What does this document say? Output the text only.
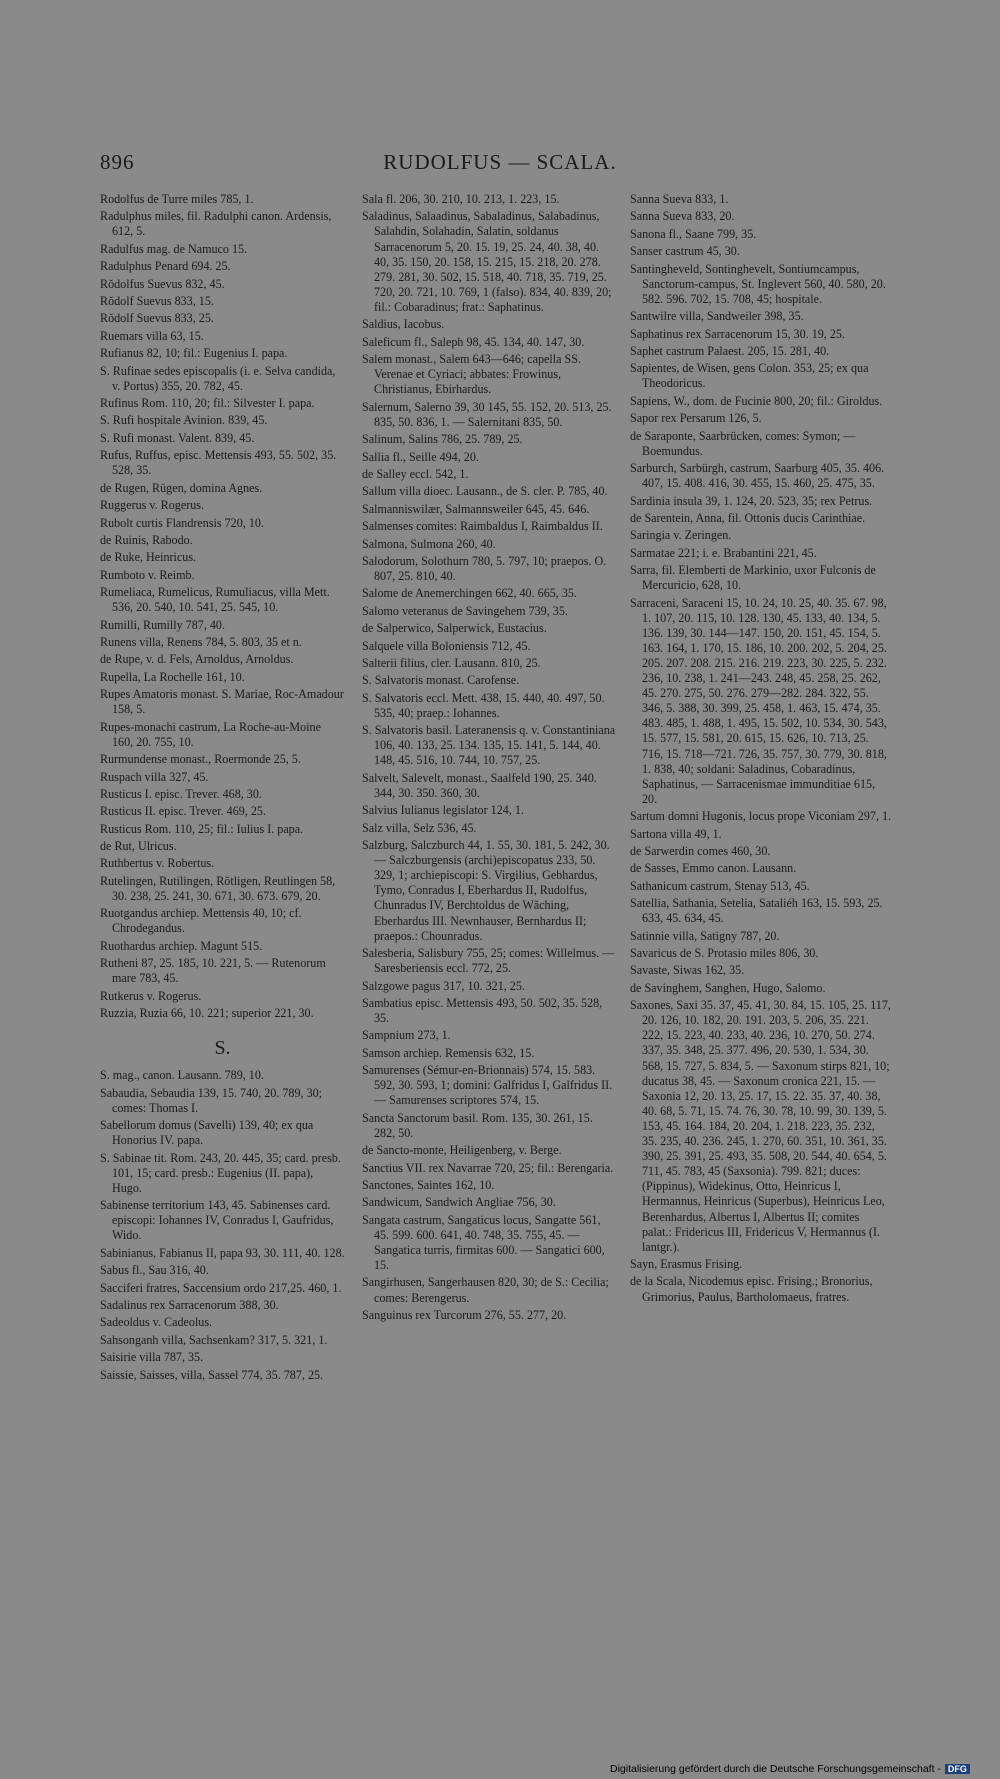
896	RUDOLFUS — SCALA.
Rodolfus de Turre miles 785, 1.
Radulphus miles, fil. Radulphi canon. Ardensis, 612, 5.
Radulfus mag. de Namuco 15.
Radulphus Penard 694. 25.
Rŏdolfus Suevus 832, 45.
Rŏdolf Suevus 833, 15.
Rŏdolf Suevus 833, 25.
Ruemars villa 63, 15.
Rufianus 82, 10; fil.: Eugenius I. papa.
S. Rufinae sedes episcopalis (i. e. Selva candida, v. Portus) 355, 20. 782, 45.
Rufinus Rom. 110, 20; fil.: Silvester I. papa.
S. Rufi hospitale Avinion. 839, 45.
S. Rufi monast. Valent. 839, 45.
Rufus, Ruffus, episc. Mettensis 493, 55. 502, 35. 528, 35.
de Rugen, Rügen, domina Agnes.
Ruggerus v. Rogerus.
Rubolt curtis Flandrensis 720, 10.
de Ruinis, Rabodo.
de Ruke, Heinricus.
Rumboto v. Reimb.
Rumeliaca, Rumelicus, Rumuliacus, villa Mett. 536, 20. 540, 10. 541, 25. 545, 10.
Rumilli, Rumilly 787, 40.
Runens villa, Renens 784, 5. 803, 35 et n.
de Rupe, v. d. Fels, Arnoldus, Arnoldus.
Rupella, La Rochelle 161, 10.
Rupes Amatoris monast. S. Mariae, Roc-Amadour 158, 5.
Rupes-monachi castrum, La Roche-au-Moine 160, 20. 755, 10.
Rurmundense monast., Roermonde 25, 5.
Ruspach villa 327, 45.
Rusticus I. episc. Trever. 468, 30.
Rusticus II. episc. Trever. 469, 25.
Rusticus Rom. 110, 25; fil.: Iulius I. papa.
de Rut, Ulricus.
Ruthbertus v. Robertus.
Rutelingen, Rutilingen, Rŏtligen, Reutlingen 58, 30. 238, 25. 241, 30. 671, 30. 673. 679, 20.
Ruotgandus archiep. Mettensis 40, 10; cf. Chrodegandus.
Ruothardus archiep. Magunt 515.
Rutheni 87, 25. 185, 10. 221, 5. — Rutenorum mare 783, 45.
Rutkerus v. Rogerus.
Ruzzia, Ruzia 66, 10. 221; superior 221, 30.
S.
S. mag., canon. Lausann. 789, 10.
Sabaudia, Sebaudia 139, 15. 740, 20. 789, 30; comes: Thomas I.
Sabellorum domus (Savelli) 139, 40; ex qua Honorius IV. papa.
S. Sabinae tit. Rom. 243, 20. 445, 35; card. presb. 101, 15; card. presb.: Eugenius (II. papa), Hugo.
Sabinense territorium 143, 45. Sabinenses card. episcopi: Iohannes IV, Conradus I, Gaufridus, Wido.
Sabinianus, Fabianus II, papa 93, 30. 111, 40. 128.
Sabus fl., Sau 316, 40.
Sacciferi fratres, Saccensium ordo 217,25. 460, 1.
Sadalinus rex Sarracenorum 388, 30.
Sadeoldus v. Cadeolus.
Sahsonganh villa, Sachsenkam? 317, 5. 321, 1.
Saisirie villa 787, 35.
Saissie, Saisses, villa, Sassel 774, 35. 787, 25.
Sala fl. 206, 30. 210, 10. 213, 1. 223, 15.
Saladinus, Salaadinus, Sabaladinus, Salabadinus, Salahdin, Solahadin, Salatin, soldanus Sarracenorum 5, 20. 15. 19, 25. 24, 40. 38, 40. 40, 35. 150, 20. 158, 15. 215, 15. 218, 20. 278. 279. 281, 30. 502, 15. 518, 40. 718, 35. 719, 25. 720, 20. 721, 10. 769, 1 (falso). 834, 40. 839, 20; fil.: Cobaradinus; frat.: Saphatinus.
Saldius, Iacobus.
Saleficum fl., Saleph 98, 45. 134, 40. 147, 30.
Salem monast., Salem 643—646; capella SS. Verenae et Cyriaci; abbates: Frowinus, Christianus, Ebirhardus.
Salernum, Salerno 39, 30 145, 55. 152, 20. 513, 25. 835, 50. 836, 1. — Salernitani 835, 50.
Salinum, Salins 786, 25. 789, 25.
Sallia fl., Seille 494, 20.
de Salley eccl. 542, 1.
Sallum villa dioec. Lausann., de S. cler. P. 785, 40.
Salmanniswilær, Salmannsweiler 645, 45. 646.
Salmenses comites: Raimbaldus I, Raimbaldus II.
Salmona, Sulmona 260, 40.
Salodorum, Solothurn 780, 5. 797, 10; praepos. O. 807, 25. 810, 40.
Salome de Anemerchingen 662, 40. 665, 35.
Salomo veteranus de Savingehem 739, 35.
de Salperwico, Salperwick, Eustacius.
Salquele villa Boloniensis 712, 45.
Salterii filius, cler. Lausann. 810, 25.
S. Salvatoris monast. Carofense.
S. Salvatoris eccl. Mett. 438, 15. 440, 40. 497, 50. 535, 40; praep.: Iohannes.
S. Salvatoris basil. Lateranensis q. v. Constantiniana 106, 40. 133, 25. 134. 135, 15. 141, 5. 144, 40. 148, 45. 516, 10. 744, 10. 757, 25.
Salvelt, Salevelt, monast., Saalfeld 190, 25. 340. 344, 30. 350. 360, 30.
Salvius Iulianus legislator 124, 1.
Salz villa, Selz 536, 45.
Salzburg, Salczburch 44, 1. 55, 30. 181, 5. 242, 30. — Salczburgensis (archi)episcopatus 233, 50. 329, 1; archiepiscopi: S. Virgilius, Gebhardus, Tymo, Conradus I, Eberhardus II, Rudolfus, Chunradus IV, Berchtoldus de Wăching, Eberhardus III. Newnhauser, Bernhardus II; praepos.: Chounradus.
Salesberia, Salisbury 755, 25; comes: Willelmus. — Saresberiensis eccl. 772, 25.
Salzgowe pagus 317, 10. 321, 25.
Sambatius episc. Mettensis 493, 50. 502, 35. 528, 35.
Sampnium 273, 1.
Samson archiep. Remensis 632, 15.
Samurenses (Sémur-en-Brionnais) 574, 15. 583. 592, 30. 593, 1; domini: Galfridus I, Galfridus II. — Samurenses scriptores 574, 15.
Sancta Sanctorum basil. Rom. 135, 30. 261, 15. 282, 50.
de Sancto-monte, Heiligenberg, v. Berge.
Sanctius VII. rex Navarrae 720, 25; fil.: Berengaria.
Sanctones, Saintes 162, 10.
Sandwicum, Sandwich Angliae 756, 30.
Sangata castrum, Sangaticus locus, Sangatte 561, 45. 599. 600. 641, 40. 748, 35. 755, 45. — Sangatica turris, firmitas 600. — Sangatici 600, 15.
Sangirhusen, Sangerhausen 820, 30; de S.: Cecilia; comes: Berengerus.
Sanguinus rex Turcorum 276, 55. 277, 20.
Sanna Sueva 833, 1.
Sanna Sueva 833, 20.
Sanona fl., Saane 799, 35.
Sanser castrum 45, 30.
Santingheveld, Sontinghevelt, Sontiumcampus, Sanctorum-campus, St. Inglevert 560, 40. 580, 20. 582. 596. 702, 15. 708, 45; hospitale.
Santwilre villa, Sandweiler 398, 35.
Saphatinus rex Sarracenorum 15, 30. 19, 25.
Saphet castrum Palaest. 205, 15. 281, 40.
Sapientes, de Wisen, gens Colon. 353, 25; ex qua Theodoricus.
Sapiens, W., dom. de Fucinie 800, 20; fil.: Giroldus.
Sapor rex Persarum 126, 5.
de Saraponte, Saarbrücken, comes: Symon; — Boemundus.
Sarburch, Sarbürgh, castrum, Saarburg 405, 35. 406. 407, 15. 408. 416, 30. 455, 15. 460, 25. 475, 35.
Sardinia insula 39, 1. 124, 20. 523, 35; rex Petrus.
de Sarentein, Anna, fil. Ottonis ducis Carinthiae.
Saringia v. Zeringen.
Sarmatae 221; i. e. Brabantini 221, 45.
Sarra, fil. Elemberti de Markinio, uxor Fulconis de Mercuricio, 628, 10.
Sarraceni, Saraceni 15, 10. 24, 10. 25, 40. 35. 67. 98, 1. 107, 20. 115, 10. 128. 130, 45. 133, 40. 134, 5. 136. 139, 30. 144—147. 150, 20. 151, 45. 154, 5. 163. 164, 1. 170, 15. 186, 10. 200. 202, 5. 204, 25. 205. 207. 208. 215. 216. 219. 223, 30. 225, 5. 232. 236, 10. 238, 1. 241—243. 248, 45. 258, 25. 262, 45. 270. 275, 50. 276. 279—282. 284. 322, 55. 346, 5. 388, 30. 399, 25. 458, 1. 463, 15. 474, 35. 483. 485, 1. 488, 1. 495, 15. 502, 10. 534, 30. 543, 15. 577, 15. 581, 20. 615, 15. 626, 10. 713, 25. 716, 15. 718—721. 726, 35. 757, 30. 779, 30. 818, 1. 838, 40; soldani: Saladinus, Cobaradinus, Saphatinus, — Sarracenismae immunditiae 615, 20.
Sartum domni Hugonis, locus prope Viconiam 297, 1.
Sartona villa 49, 1.
de Sarwerdin comes 460, 30.
de Sasses, Emmo canon. Lausann.
Sathanicum castrum, Stenay 513, 45.
Satellia, Sathania, Setelia, Sataliéh 163, 15. 593, 25. 633, 45. 634, 45.
Satinnie villa, Satigny 787, 20.
Savaricus de S. Protasio miles 806, 30.
Savaste, Siwas 162, 35.
de Savinghem, Sanghen, Hugo, Salomo.
Saxones, Saxi 35. 37, 45. 41, 30. 84, 15. 105, 25. 117, 20. 126, 10. 182, 20. 191. 203, 5. 206, 35. 221. 222, 15. 223, 40. 233, 40. 236, 10. 270, 50. 274. 337, 35. 348, 25. 377. 496, 20. 530, 1. 534, 30. 568, 15. 727, 5. 834, 5. — Saxonum stirps 821, 10; ducatus 38, 45. — Saxonum cronica 221, 15. — Saxonia 12, 20. 13, 25. 17, 15. 22. 35. 37, 40. 38, 40. 68, 5. 71, 15. 74. 76, 30. 78, 10. 99, 30. 139, 5. 153, 45. 164. 184, 20. 204, 1. 218. 223, 35. 232, 35. 235, 40. 236. 245, 1. 270, 60. 351, 10. 361, 35. 390, 25. 391, 25. 493, 35. 508, 20. 544, 40. 654, 5. 711, 45. 783, 45 (Saxsonia). 799. 821; duces: (Pippinus), Widekinus, Otto, Heinricus I, Hermannus, Heinricus (Superbus), Heinricus Leo, Berenhardus, Albertus I, Albertus II; comites palat.: Fridericus III, Fridericus V, Hermannus (I. lantgr.).
Sayn, Erasmus Frising.
de la Scala, Nicodemus episc. Frising.; Bronorius, Grimorius, Paulus, Bartholomaeus, fratres.
Digitalisierung gefördert durch die Deutsche Forschungsgemeinschaft - DFG
